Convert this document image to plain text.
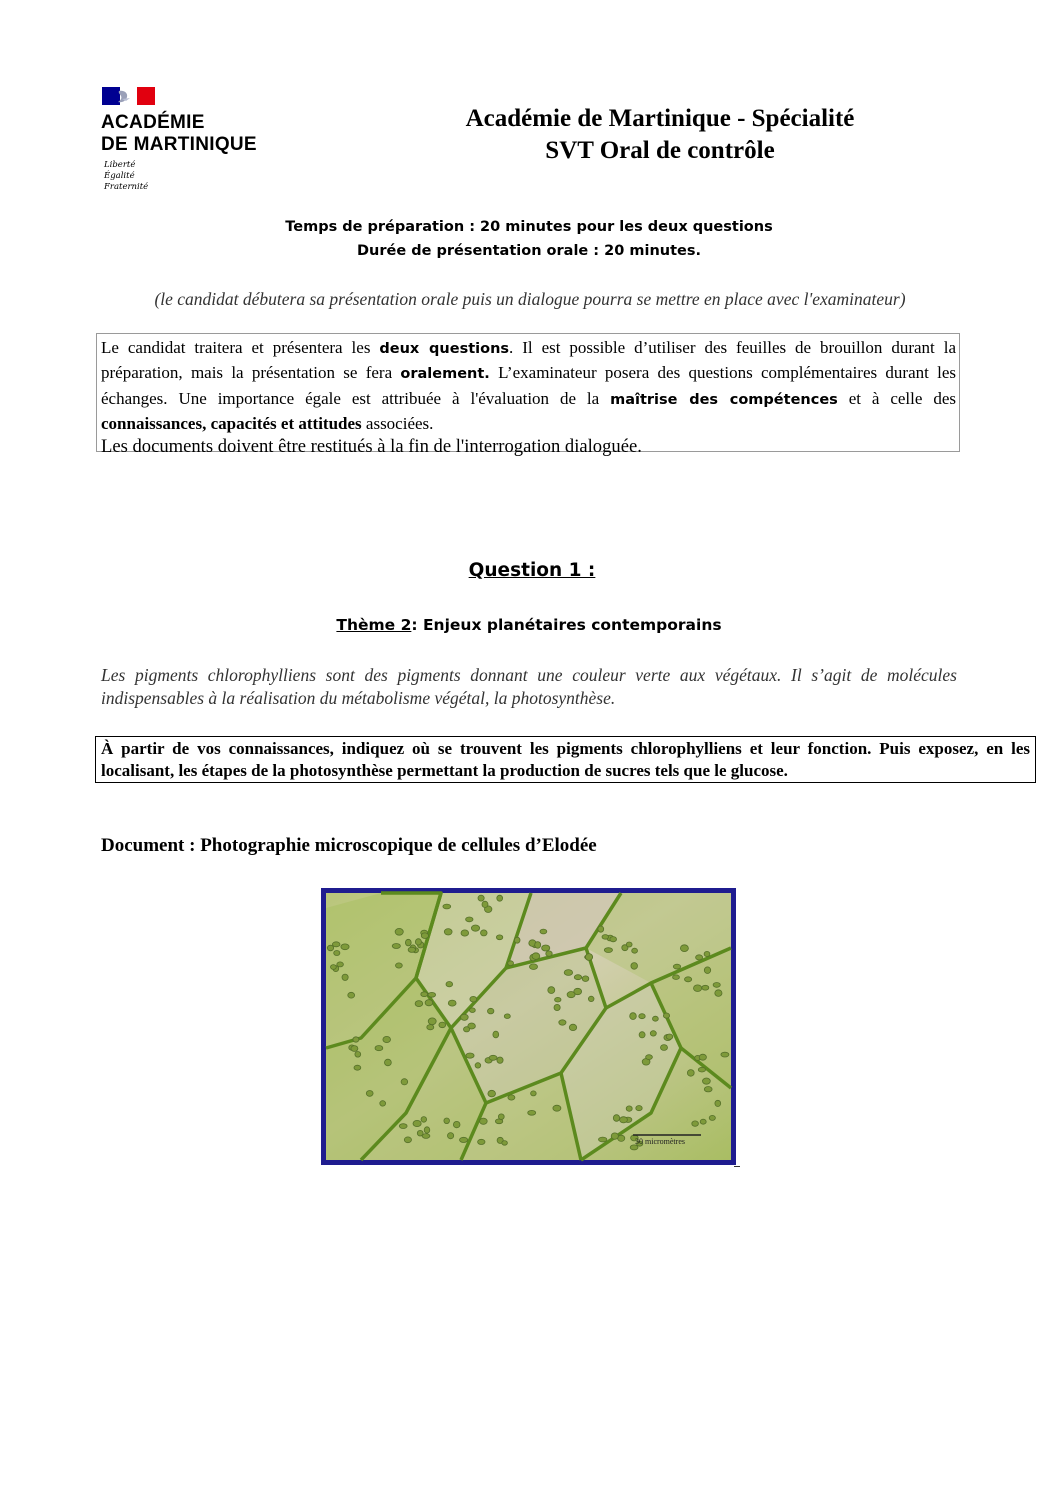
ACADÉMIE
DE MARTINIQUE
Liberté
Égalité
Fraternité
Académie de Martinique - Spécialité
SVT Oral de contrôle
Temps de préparation : 20 minutes pour les deux questions
Durée de présentation orale : 20 minutes.
(le candidat débutera sa présentation orale puis un dialogue pourra se mettre en place avec l'examinateur)
Le candidat traitera et présentera les deux questions. Il est possible d’utiliser des feuilles de brouillon durant la préparation, mais la présentation se fera oralement. L’examinateur posera des questions complémentaires durant les échanges. Une importance égale est attribuée à l'évaluation de la maîtrise des compétences et à celle des connaissances, capacités et attitudes associées.
Les documents doivent être restitués à la fin de l'interrogation dialoguée.
Question 1 :
Thème 2: Enjeux planétaires contemporains
Les pigments chlorophylliens sont des pigments donnant une couleur verte aux végétaux. Il s’agit de molécules indispensables à la réalisation du métabolisme végétal, la photosynthèse.
À partir de vos connaissances, indiquez où se trouvent les pigments chlorophylliens et leur fonction. Puis exposez, en les localisant, les étapes de la photosynthèse permettant la production de sucres tels que le glucose.
Document : Photographie microscopique de cellules d’Elodée
30 micromètres
